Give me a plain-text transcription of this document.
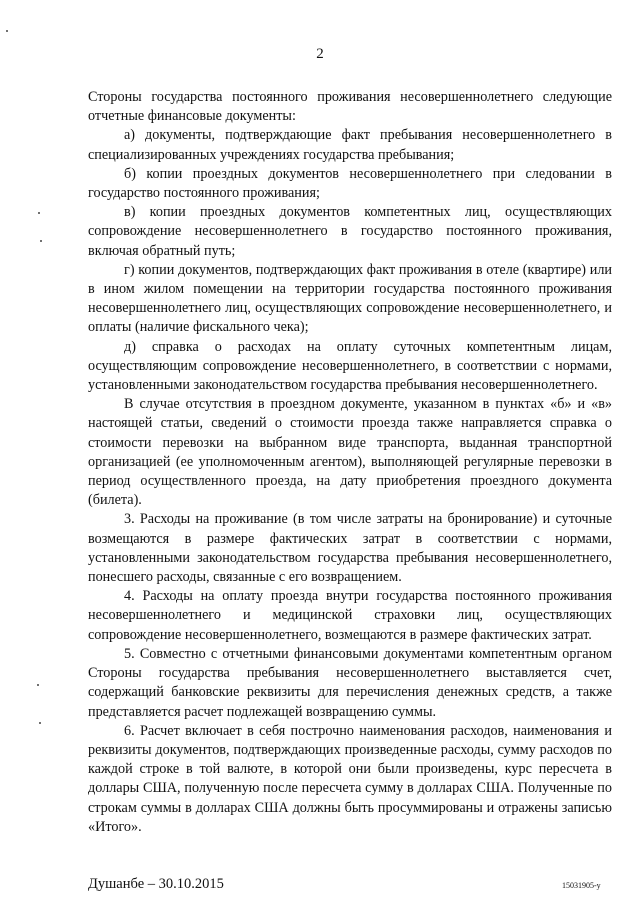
2

Стороны государства постоянного проживания несовершеннолетнего следующие отчетные финансовые документы:

а) документы, подтверждающие факт пребывания несовершеннолетнего в специализированных учреждениях государства пребывания;

б) копии проездных документов несовершеннолетнего при следовании в государство постоянного проживания;

в) копии проездных документов компетентных лиц, осуществляющих сопровождение несовершеннолетнего в государство постоянного проживания, включая обратный путь;

г) копии документов, подтверждающих факт проживания в отеле (квартире) или в ином жилом помещении на территории государства постоянного проживания несовершеннолетнего лиц, осуществляющих сопровождение несовершеннолетнего, и оплаты (наличие фискального чека);

д) справка о расходах на оплату суточных компетентным лицам, осуществляющим сопровождение несовершеннолетнего, в соответствии с нормами, установленными законодательством государства пребывания несовершеннолетнего.

В случае отсутствия в проездном документе, указанном в пунктах «б» и «в» настоящей статьи, сведений о стоимости проезда также направляется справка о стоимости перевозки на выбранном виде транспорта, выданная транспортной организацией (ее уполномоченным агентом), выполняющей регулярные перевозки в период осуществленного проезда, на дату приобретения проездного документа (билета).

3. Расходы на проживание (в том числе затраты на бронирование) и суточные возмещаются в размере фактических затрат в соответствии с нормами, установленными законодательством государства пребывания несовершеннолетнего, понесшего расходы, связанные с его возвращением.

4. Расходы на оплату проезда внутри государства постоянного проживания несовершеннолетнего и медицинской страховки лиц, осуществляющих сопровождение несовершеннолетнего, возмещаются в размере фактических затрат.

5. Совместно с отчетными финансовыми документами компетентным органом Стороны государства пребывания несовершеннолетнего выставляется счет, содержащий банковские реквизиты для перечисления денежных средств, а также представляется расчет подлежащей возвращению суммы.

6. Расчет включает в себя построчно наименования расходов, наименования и реквизиты документов, подтверждающих произведенные расходы, сумму расходов по каждой строке в той валюте, в которой они были произведены, курс пересчета в доллары США, полученную после пересчета сумму в долларах США. Полученные по строкам суммы в долларах США должны быть просуммированы и отражены записью «Итого».

Душанбе – 30.10.2015	15031905-у
